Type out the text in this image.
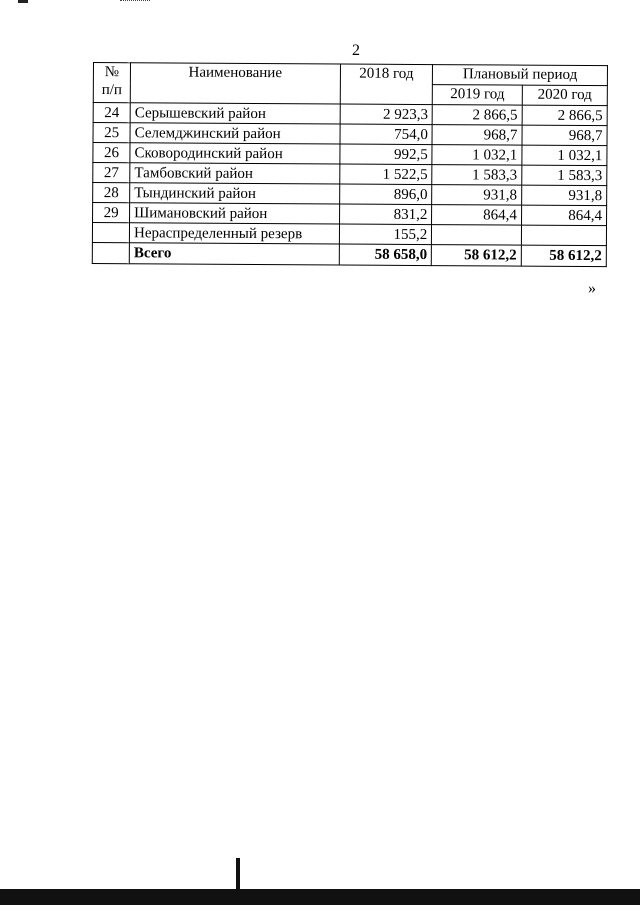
2
№ п/п	Наименование	2018 год	Плановый период	
			2019 год	2020 год
24	Серышевский район	2 923,3	2 866,5	2 866,5
25	Селемджинский район	754,0	968,7	968,7
26	Сковородинский район	992,5	1 032,1	1 032,1
27	Тамбовский район	1 522,5	1 583,3	1 583,3
28	Тындинский район	896,0	931,8	931,8
29	Шимановский район	831,2	864,4	864,4
	Нераспределенный резерв	155,2		
	Всего	58 658,0	58 612,2	58 612,2
»
